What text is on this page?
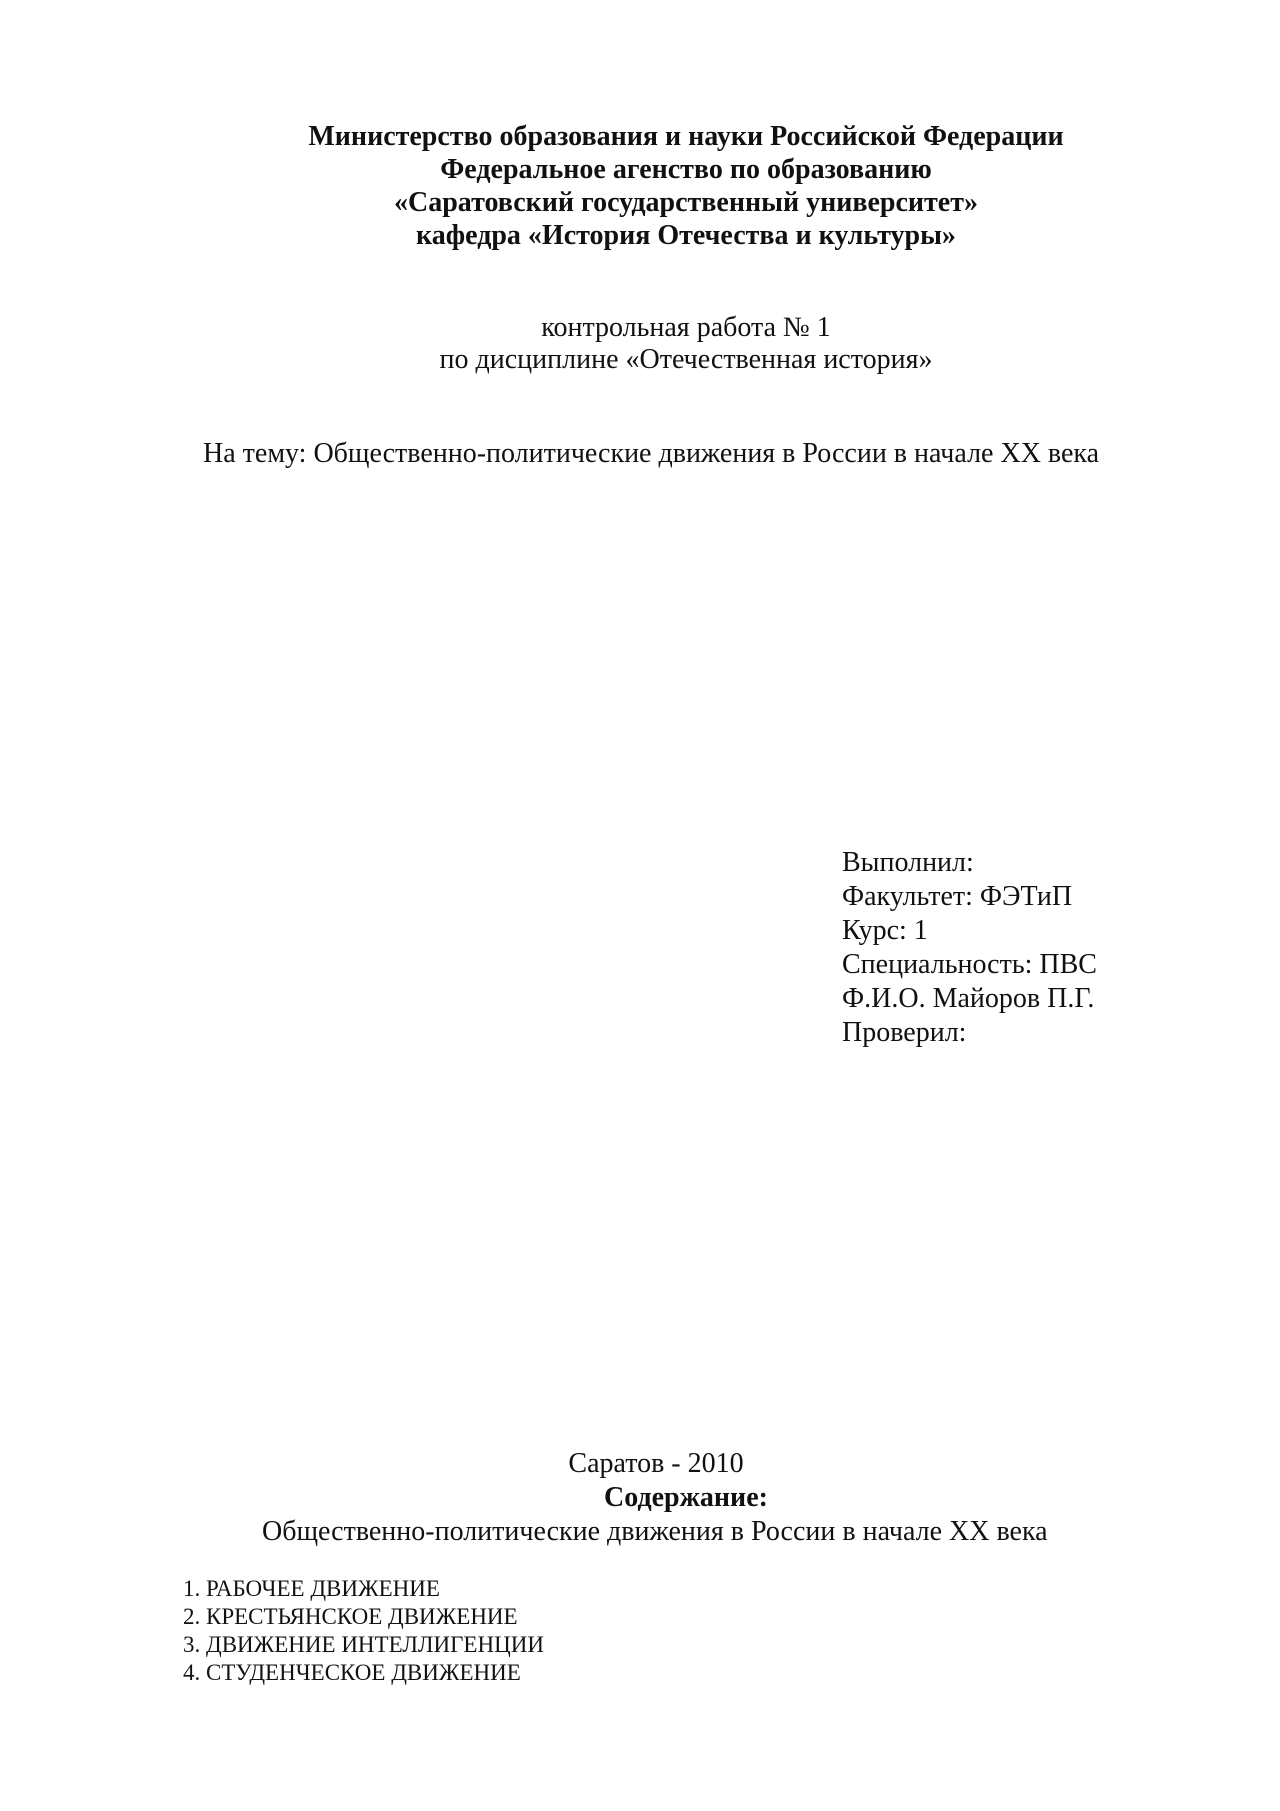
Министерство образования и науки Российской Федерации
Федеральное агенство по образованию
«Саратовский государственный университет»
кафедра «История Отечества и культуры»
контрольная работа № 1
по дисциплине «Отечественная история»
На тему: Общественно-политические движения в России в начале XX века
Выполнил:
Факультет: ФЭТиП
Курс: 1
Специальность: ПВС
Ф.И.О. Майоров П.Г.
Проверил:
Саратов - 2010
Содержание:
Общественно-политические движения в России в начале XX века
1. РАБОЧЕЕ ДВИЖЕНИЕ
2. КРЕСТЬЯНСКОЕ ДВИЖЕНИЕ
3. ДВИЖЕНИЕ ИНТЕЛЛИГЕНЦИИ
4. СТУДЕНЧЕСКОЕ ДВИЖЕНИЕ
